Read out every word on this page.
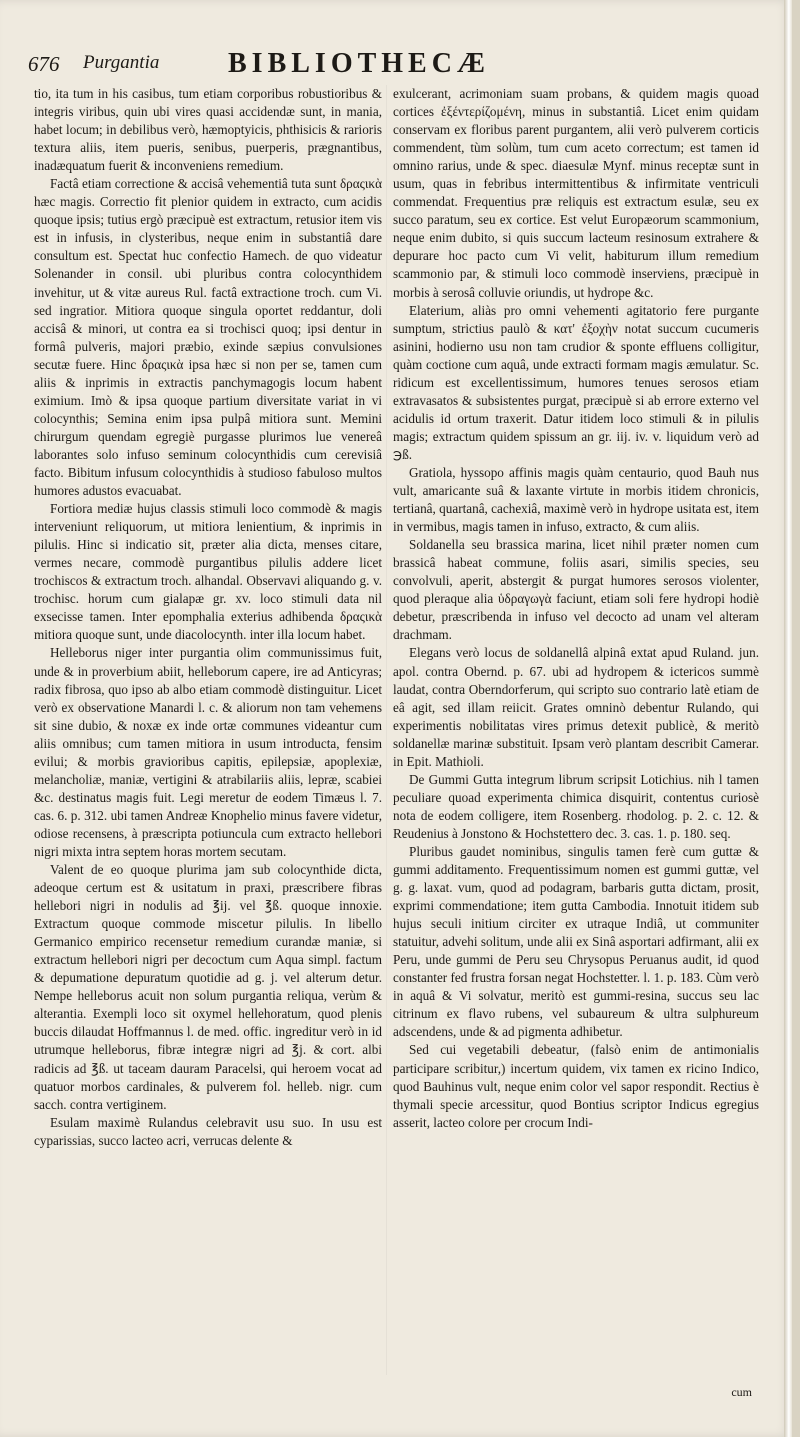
676 Purgantia BIBLIOTHECÆ

tio, ita tum in his casibus, tum etiam corporibus robustioribus & integris viribus, quin ubi vires quasi accidendæ sunt, in mania, habet locum; in debilibus verò, hæmoptyicis, phthisicis & rarioris textura aliis, item pueris, senibus, puerperis, prægnantibus, inadæquatum fuerit & inconveniens remedium.

Factâ etiam correctione & accisâ vehementiâ tuta sunt δραςικὰ hæc magis. Correctio fit plenior quidem in extracto, cum acidis quoque ipsis; tutius ergò præcipuè est extractum, retusior item vis est in infusis, in clysteribus, neque enim in substantiâ dare consultum est. Spectat huc confectio Hamech. de quo videatur Solenander in consil. ubi pluribus contra colocynthidem invehitur, ut & vitæ aureus Rul. factâ extractione troch. cum Vi. sed ingratior. Mitiora quoque singula oportet reddantur, doli accisâ & minori, ut contra ea si trochisci quoq; ipsi dentur in formâ pulveris, majori præbio, exinde sæpius convulsiones secutæ fuere. Hinc δραςικὰ ipsa hæc si non per se, tamen cum aliis & inprimis in extractis panchymagogis locum habent eximium. Imò & ipsa quoque partium diversitate variat in vi colocynthis; Semina enim ipsa pulpâ mitiora sunt. Memini chirurgum quendam egregiè purgasse plurimos lue venereâ laborantes solo infuso seminum colocynthidis cum cerevisiâ facto. Bibitum infusum colocynthidis à studioso fabuloso multos humores adustos evacuabat.

Fortiora mediæ hujus classis stimuli loco commodè & magis interveniunt reliquorum, ut mitiora lenientium, & inprimis in pilulis. Hinc si indicatio sit, præter alia dicta, menses citare, vermes necare, commodè purgantibus pilulis addere licet trochiscos & extractum troch. alhandal. Observavi aliquando g. v. trochisc. horum cum gialapæ gr. xv. loco stimuli data nil exsecisse tamen. Inter epomphalia exterius adhibenda δραςικὰ mitiora quoque sunt, unde diacolocynth. inter illa locum habet.

Helleborus niger inter purgantia olim communissimus fuit, unde & in proverbium abiit, helleborum capere, ire ad Anticyras; radix fibrosa, quo ipso ab albo etiam commodè distinguitur. Licet verò ex observatione Manardi l. c. & aliorum non tam vehemens sit sine dubio, & noxæ ex inde ortæ communes videantur cum aliis omnibus; cum tamen mitiora in usum introducta, fensim evilui; & morbis gravioribus capitis, epilepsiæ, apoplexiæ, melancholiæ, maniæ, vertigini & atrabilariis aliis, lepræ, scabiei &c. destinatus magis fuit. Legi meretur de eodem Timæus l. 7. cas. 6. p. 312. ubi tamen Andreæ Knophelio minus favere videtur, odiose recensens, à præscripta potiuncula cum extracto hellebori nigri mixta intra septem horas mortem secutam.

Valent de eo quoque plurima jam sub colocynthide dicta, adeoque certum est & usitatum in praxi, præscribere fibras hellebori nigri in nodulis ad ℥ij. vel ℥ß. quoque innoxie. Extractum quoque commode miscetur pilulis. In libello Germanico empirico recensetur remedium curandæ maniæ, si extractum hellebori nigri per decoctum cum Aqua simpl. factum & depumatione depuratum quotidie ad g. j. vel alterum detur. Nempe helleborus acuit non solum purgantia reliqua, verùm & alterantia. Exempli loco sit oxymel hellehoratum, quod plenis buccis dilaudat Hoffmannus l. de med. offic. ingreditur verò in id utrumque helleborus, fibræ integræ nigri ad ℥j. & cort. albi radicis ad ℥ß. ut taceam dauram Paracelsi, qui heroem vocat ad quatuor morbos cardinales, & pulverem fol. helleb. nigr. cum sacch. contra vertiginem.

Esulam maximè Rulandus celebravit usu suo. In usu est cyparissias, succo lacteo acri, verrucas delente &

exulcerant, acrimoniam suam probans, & quidem magis quoad cortices ἐξέντερίζομένη, minus in substantiâ. Licet enim quidam conservam ex floribus parent purgantem, alii verò pulverem corticis commendent, tùm solùm, tum cum aceto correctum; est tamen id omnino rarius, unde & spec. diaesulæ Mynf. minus receptæ sunt in usum, quas in febribus intermittentibus & infirmitate ventriculi commendat. Frequentius præ reliquis est extractum esulæ, seu ex succo paratum, seu ex cortice. Est velut Europæorum scammonium, neque enim dubito, si quis succum lacteum resinosum extrahere & depurare hoc pacto cum Vi velit, habiturum illum remedium scammonio par, & stimuli loco commodè inserviens, præcipuè in morbis à serosâ colluvie oriundis, ut hydrope &c.

Elaterium, aliàs pro omni vehementi agitatorio fere purgante sumptum, strictius paulò & κατ' ἐξοχὴν notat succum cucumeris asinini, hodierno usu non tam crudior & sponte effluens colligitur, quàm coctione cum aquâ, unde extracti formam magis æmulatur. Sc. ridicum est excellentissimum, humores tenues serosos etiam extravasatos & subsistentes purgat, præcipuè si ab errore externo vel acidulis id ortum traxerit. Datur itidem loco stimuli & in pilulis magis; extractum quidem spissum an gr. iij. iv. v. liquidum verò ad ℈ß.

Gratiola, hyssopo affinis magis quàm centaurio, quod Bauh nus vult, amaricante suâ & laxante virtute in morbis itidem chronicis, tertianâ, quartanâ, cachexiâ, maximè verò in hydrope usitata est, item in vermibus, magis tamen in infuso, extracto, & cum aliis.

Soldanella seu brassica marina, licet nihil præter nomen cum brassicâ habeat commune, foliis asari, similis species, seu convolvuli, aperit, abstergit & purgat humores serosos violenter, quod pleraque alia ὑδραγωγὰ faciunt, etiam soli fere hydropi hodiè debetur, præscribenda in infuso vel decocto ad unam vel alteram drachmam.

Elegans verò locus de soldanellâ alpinâ extat apud Ruland. jun. apol. contra Obernd. p. 67. ubi ad hydropem & ictericos summè laudat, contra Oberndorferum, qui scripto suo contrario latè etiam de eâ agit, sed illam reiicit. Grates omninò debentur Rulando, qui experimentis nobilitatas vires primus detexit publicè, & meritò soldanellæ marinæ substituit. Ipsam verò plantam describit Camerar. in Epit. Mathioli.

De Gummi Gutta integrum librum scripsit Lotichius. nih l tamen peculiare quoad experimenta chimica disquirit, contentus curiosè nota de eodem colligere, item Rosenberg. rhodolog. p. 2. c. 12. & Reudenius à Jonstono & Hochstettero dec. 3. cas. 1. p. 180. seq.

Pluribus gaudet nominibus, singulis tamen ferè cum guttæ & gummi additamento. Frequentissimum nomen est gummi guttæ, vel g. g. laxat. vum, quod ad podagram, barbaris gutta dictam, prosit, exprimi commendatione; item gutta Cambodia. Innotuit itidem sub hujus seculi initium circiter ex utraque Indiâ, ut communiter statuitur, advehi solitum, unde alii ex Sinâ asportari adfirmant, alii ex Peru, unde gummi de Peru seu Chrysopus Peruanus audit, id quod constanter fed frustra forsan negat Hochstetter. l. 1. p. 183. Cùm verò in aquâ & Vi solvatur, meritò est gummi-resina, succus seu lac citrinum ex flavo rubens, vel subaureum & ultra sulphureum adscendens, unde & ad pigmenta adhibetur.

Sed cui vegetabili debeatur, (falsò enim de antimonialis participare scribitur,) incertum quidem, vix tamen ex ricino Indico, quod Bauhinus vult, neque enim color vel sapor respondit. Rectius è thymali specie arcessitur, quod Bontius scriptor Indicus egregius asserit, lacteo colore per crocum Indi-

cum
